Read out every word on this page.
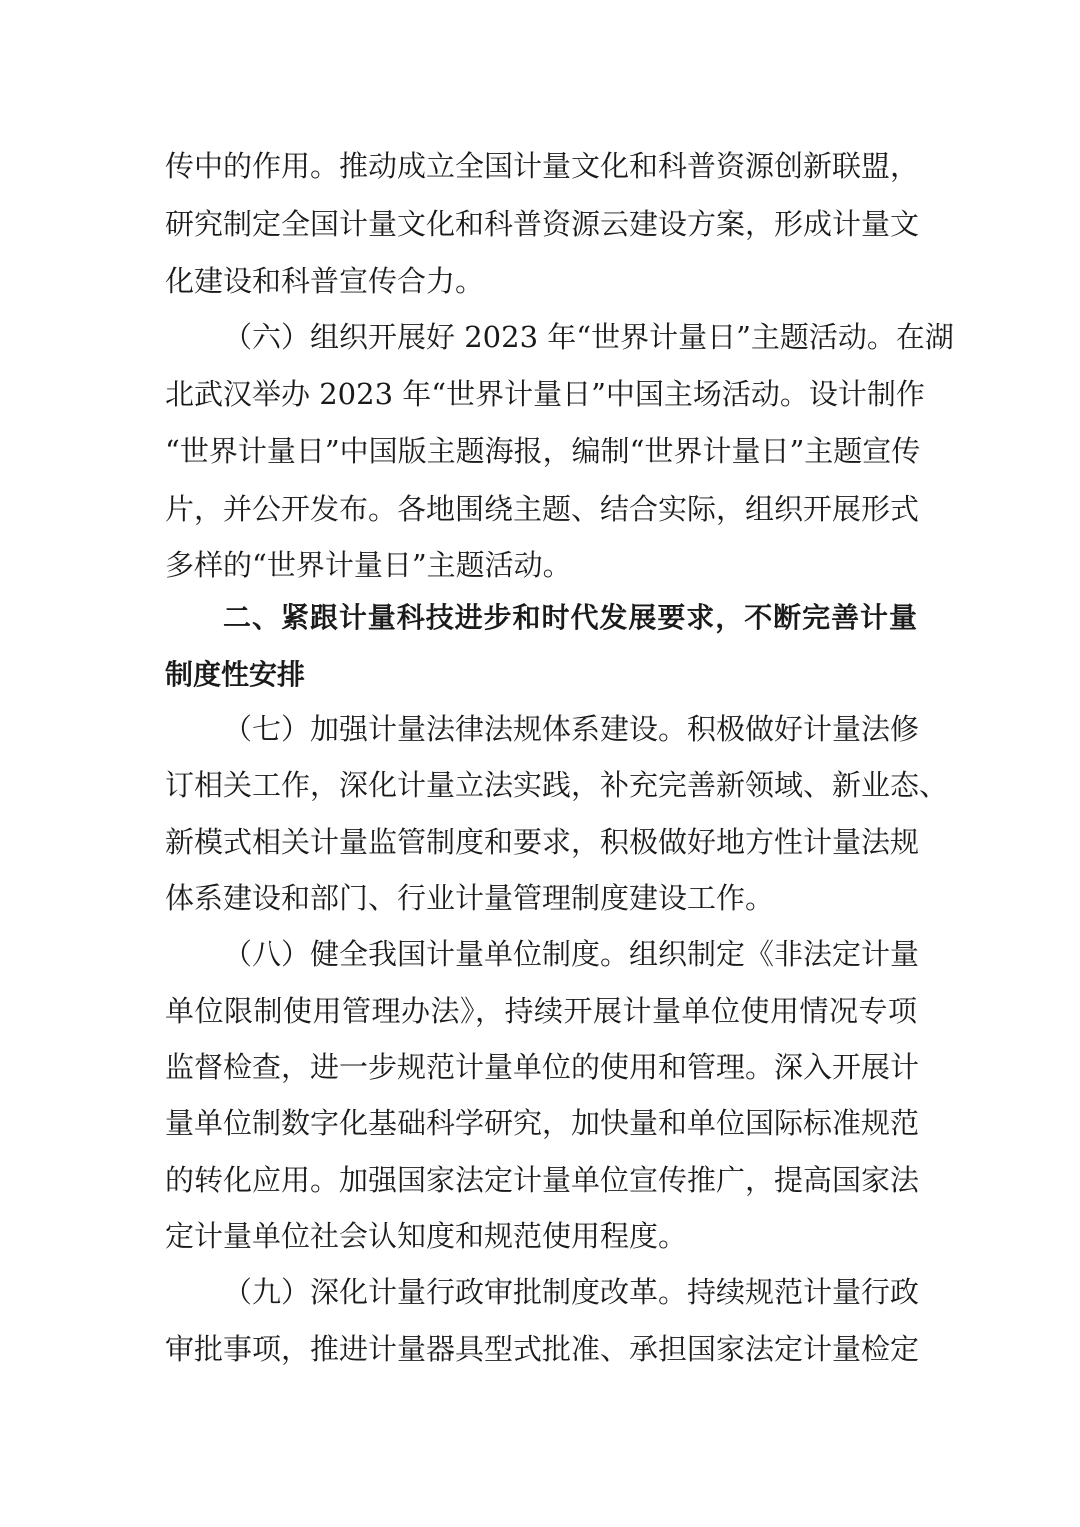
传中的作用。推动成立全国计量文化和科普资源创新联盟，
研究制定全国计量文化和科普资源云建设方案，形成计量文
化建设和科普宣传合力。
（六）组织开展好 2023 年“世界计量日”主题活动。在湖
北武汉举办 2023 年“世界计量日”中国主场活动。设计制作
“世界计量日”中国版主题海报，编制“世界计量日”主题宣传
片，并公开发布。各地围绕主题、结合实际，组织开展形式
多样的“世界计量日”主题活动。
二、紧跟计量科技进步和时代发展要求，不断完善计量
制度性安排
（七）加强计量法律法规体系建设。积极做好计量法修
订相关工作，深化计量立法实践，补充完善新领域、新业态、
新模式相关计量监管制度和要求，积极做好地方性计量法规
体系建设和部门、行业计量管理制度建设工作。
（八）健全我国计量单位制度。组织制定《非法定计量
单位限制使用管理办法》，持续开展计量单位使用情况专项
监督检查，进一步规范计量单位的使用和管理。深入开展计
量单位制数字化基础科学研究，加快量和单位国际标准规范
的转化应用。加强国家法定计量单位宣传推广，提高国家法
定计量单位社会认知度和规范使用程度。
（九）深化计量行政审批制度改革。持续规范计量行政
审批事项，推进计量器具型式批准、承担国家法定计量检定
